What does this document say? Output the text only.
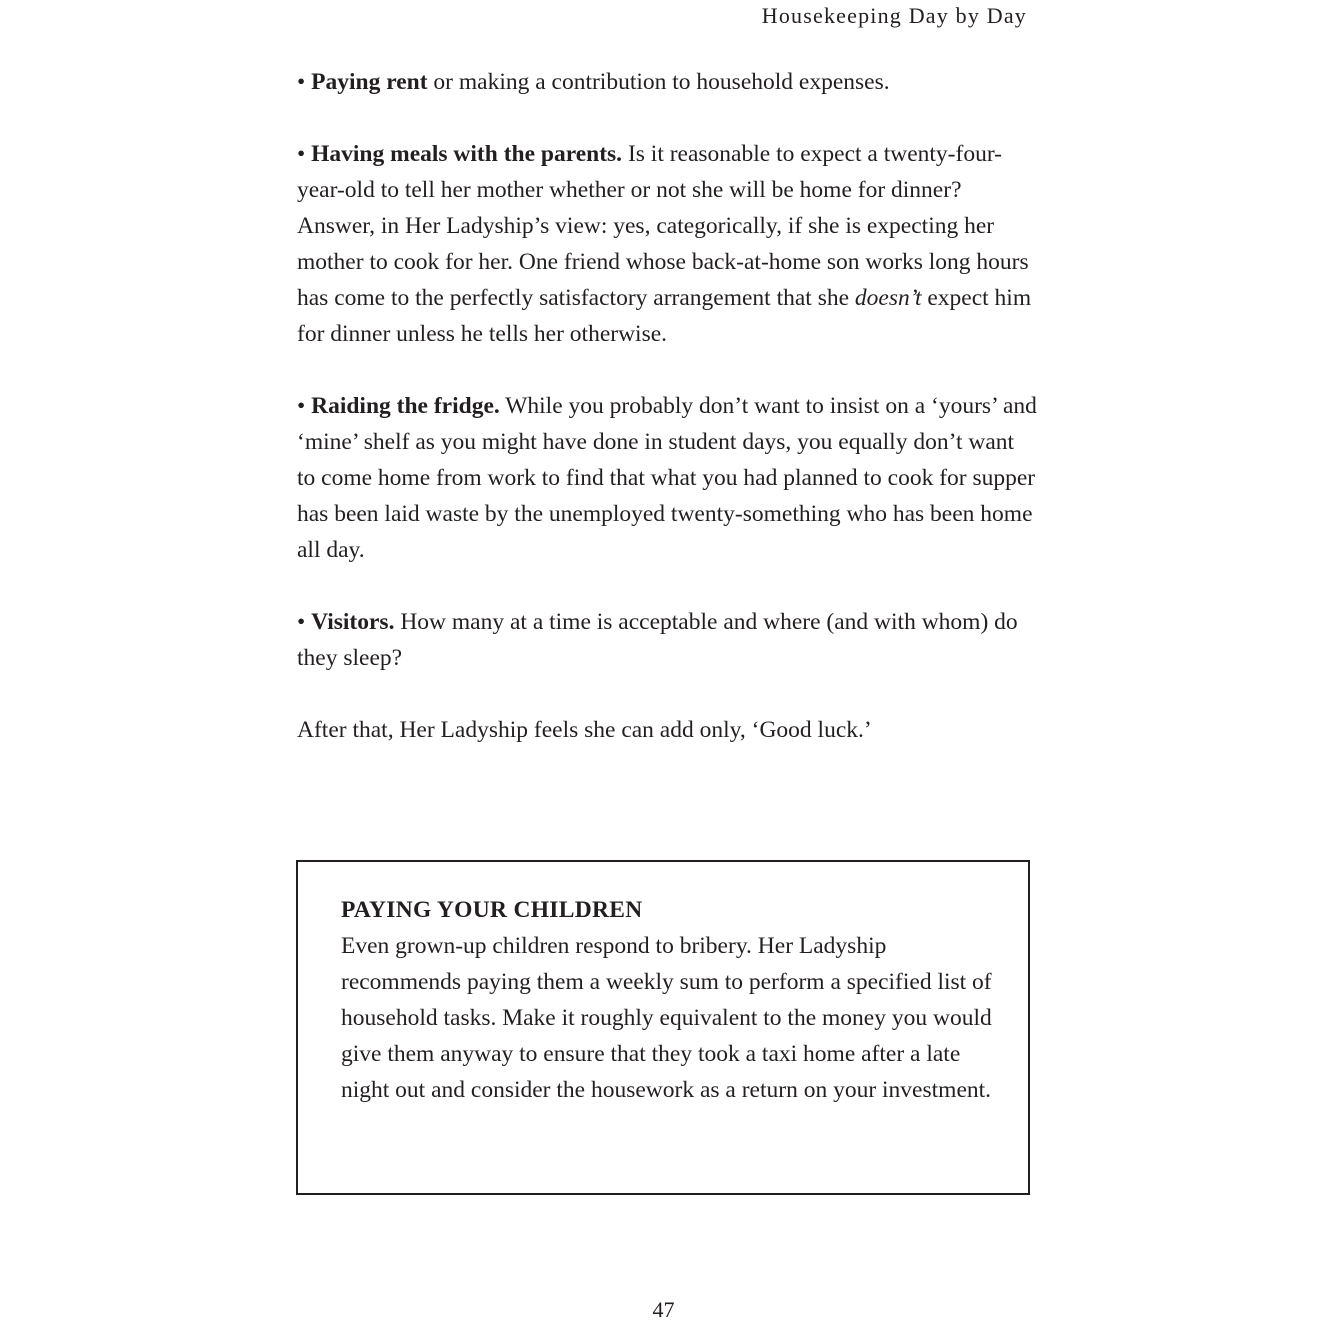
Housekeeping Day by Day

• Paying rent or making a contribution to household expenses.

• Having meals with the parents. Is it reasonable to expect a twenty-four-year-old to tell her mother whether or not she will be home for dinner? Answer, in Her Ladyship’s view: yes, categorically, if she is expecting her mother to cook for her. One friend whose back-at-home son works long hours has come to the perfectly satisfactory arrangement that she doesn’t expect him for dinner unless he tells her otherwise.

• Raiding the fridge. While you probably don’t want to insist on a ‘yours’ and ‘mine’ shelf as you might have done in student days, you equally don’t want to come home from work to find that what you had planned to cook for supper has been laid waste by the unemployed twenty-something who has been home all day.

• Visitors. How many at a time is acceptable and where (and with whom) do they sleep?

After that, Her Ladyship feels she can add only, ‘Good luck.’

PAYING YOUR CHILDREN
Even grown-up children respond to bribery. Her Ladyship recommends paying them a weekly sum to perform a specified list of household tasks. Make it roughly equivalent to the money you would give them anyway to ensure that they took a taxi home after a late night out and consider the housework as a return on your investment.
47
